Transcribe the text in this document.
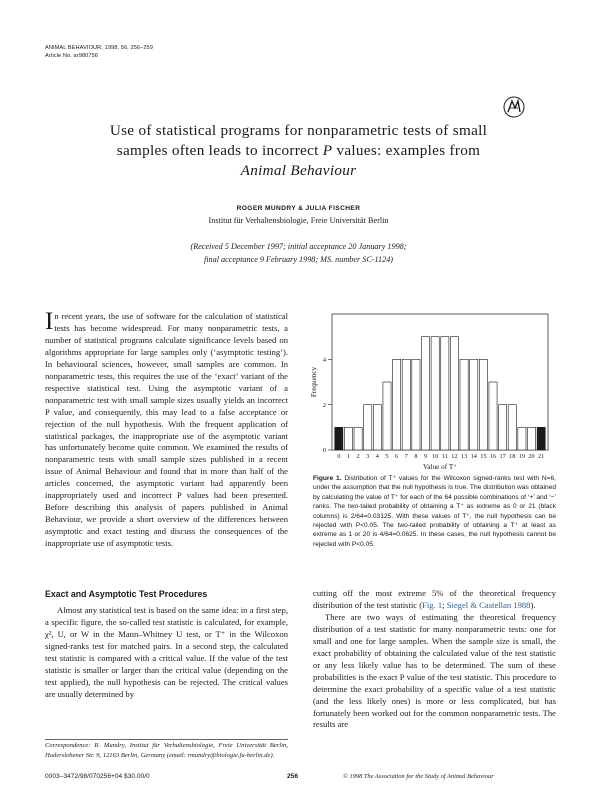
ANIMAL BEHAVIOUR, 1998, 56, 256–259
Article No. ar980756
Use of statistical programs for nonparametric tests of small
samples often leads to incorrect P values: examples from
Animal Behaviour
ROGER MUNDRY & JULIA FISCHER
Institut für Verhaltensbiologie, Freie Universität Berlin
(Received 5 December 1997; initial acceptance 20 January 1998;
final acceptance 9 February 1998; MS. number SC-1124)

In recent years, the use of software for the calculation of statistical tests has become widespread. For many nonparametric tests, a number of statistical programs calculate significance levels based on algorithms appropriate for large samples only (‘asymptotic testing’). In behavioural sciences, however, small samples are common. In nonparametric tests, this requires the use of the ‘exact’ variant of the respective statistical test. Using the asymptotic variant of a nonparametric test with small sample sizes usually yields an incorrect P value, and consequently, this may lead to a false acceptance or rejection of the null hypothesis. With the frequent application of statistical packages, the inappropriate use of the asymptotic variant has unfortunately become quite common. We examined the results of nonparametric tests with small sample sizes published in a recent issue of Animal Behaviour and found that in more than half of the articles concerned, the asymptotic variant had apparently been inappropriately used and incorrect P values had been presented. Before describing this analysis of papers published in Animal Behaviour, we provide a short overview of the differences between asymptotic and exact testing and discuss the consequences of the inappropriate use of asymptotic tests.

Exact and Asymptotic Test Procedures

Almost any statistical test is based on the same idea: in a first step, a specific figure, the so-called test statistic is calculated, for example, χ², U, or W in the Mann–Whitney U test, or T⁺ in the Wilcoxon signed-ranks test for matched pairs. In a second step, the calculated test statistic is compared with a critical value. If the value of the test statistic is smaller or larger than the critical value (depending on the test applied), the null hypothesis can be rejected. The critical values are usually determined by

Correspondence: R. Mundry, Institut für Verhaltensbiologie, Freie Universität Berlin, Haderslebener Str. 9, 12163 Berlin, Germany (email: rmundry@biologie.fu-berlin.de).
0003–3472/98/070256+04 $30.00/0	256	© 1998 The Association for the Study of Animal Behaviour
0 1 2 3 4 5 6 7 8 9 10 11 12 13 14 15 16 17 18 19 20 21
0
2
4
Value of T⁺
Frequency
Figure 1. Distribution of T⁺ values for the Wilcoxon signed-ranks test with N=6, under the assumption that the null hypothesis is true. The distribution was obtained by calculating the value of T⁺ for each of the 64 possible combinations of ‘+’ and ‘−’ ranks. The two-tailed probability of obtaining a T⁺ as extreme as 0 or 21 (black columns) is 2/64=0.03125. With these values of T⁺, the null hypothesis can be rejected with P<0.05. The two-tailed probability of obtaining a T⁺ at least as extreme as 1 or 20 is 4/64=0.0625. In these cases, the null hypothesis cannot be rejected with P<0.05.

cutting off the most extreme 5% of the theoretical frequency distribution of the test statistic (Fig. 1; Siegel & Castellan 1988).

There are two ways of estimating the theoretical frequency distribution of a test statistic for many nonparametric tests: one for small and one for large samples. When the sample size is small, the exact probability of obtaining the calculated value of the test statistic or any less likely value has to be determined. The sum of these probabilities is the exact P value of the test statistic. This procedure to determine the exact probability of a specific value of a test statistic (and the less likely ones) is more or less complicated, but has fortunately been worked out for the common nonparametric tests. The results are
